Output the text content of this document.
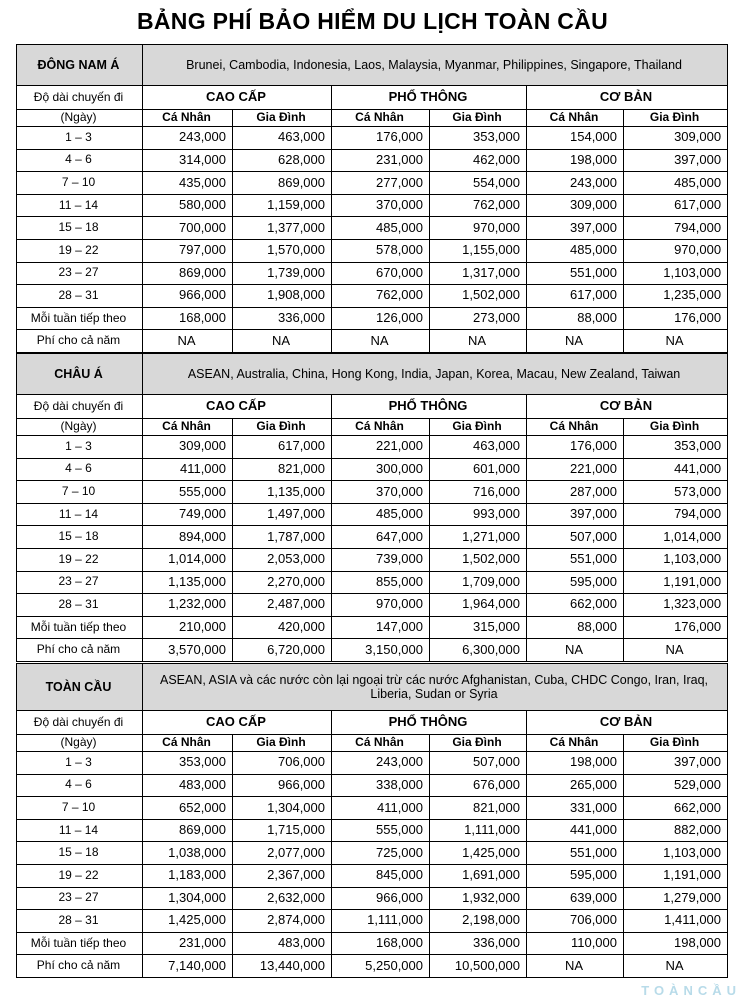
BẢNG PHÍ BẢO HIỂM DU LỊCH TOÀN CẦU
ĐÔNG NAM Á	Brunei, Cambodia, Indonesia, Laos, Malaysia, Myanmar, Philippines, Singapore, Thailand					
Độ dài chuyến đi	CAO CẤP		PHỔ THÔNG		CƠ BẢN	
(Ngày)	Cá Nhân	Gia Đình	Cá Nhân	Gia Đình	Cá Nhân	Gia Đình
1 – 3	243,000	463,000	176,000	353,000	154,000	309,000
4 – 6	314,000	628,000	231,000	462,000	198,000	397,000
7 – 10	435,000	869,000	277,000	554,000	243,000	485,000
11 – 14	580,000	1,159,000	370,000	762,000	309,000	617,000
15 – 18	700,000	1,377,000	485,000	970,000	397,000	794,000
19 – 22	797,000	1,570,000	578,000	1,155,000	485,000	970,000
23 – 27	869,000	1,739,000	670,000	1,317,000	551,000	1,103,000
28 – 31	966,000	1,908,000	762,000	1,502,000	617,000	1,235,000
Mỗi tuần tiếp theo	168,000	336,000	126,000	273,000	88,000	176,000
Phí cho cả năm	NA	NA	NA	NA	NA	NA
CHÂU Á	ASEAN, Australia, China, Hong Kong, India, Japan, Korea, Macau, New Zealand, Taiwan					
Độ dài chuyến đi	CAO CẤP		PHỔ THÔNG		CƠ BẢN	
(Ngày)	Cá Nhân	Gia Đình	Cá Nhân	Gia Đình	Cá Nhân	Gia Đình
1 – 3	309,000	617,000	221,000	463,000	176,000	353,000
4 – 6	411,000	821,000	300,000	601,000	221,000	441,000
7 – 10	555,000	1,135,000	370,000	716,000	287,000	573,000
11 – 14	749,000	1,497,000	485,000	993,000	397,000	794,000
15 – 18	894,000	1,787,000	647,000	1,271,000	507,000	1,014,000
19 – 22	1,014,000	2,053,000	739,000	1,502,000	551,000	1,103,000
23 – 27	1,135,000	2,270,000	855,000	1,709,000	595,000	1,191,000
28 – 31	1,232,000	2,487,000	970,000	1,964,000	662,000	1,323,000
Mỗi tuần tiếp theo	210,000	420,000	147,000	315,000	88,000	176,000
Phí cho cả năm	3,570,000	6,720,000	3,150,000	6,300,000	NA	NA
TOÀN CẦU	ASEAN, ASIA và các nước còn lại ngoại trừ các nước Afghanistan, Cuba, CHDC Congo, Iran, Iraq, Liberia, Sudan or Syria					
Độ dài chuyến đi	CAO CẤP		PHỔ THÔNG		CƠ BẢN	
(Ngày)	Cá Nhân	Gia Đình	Cá Nhân	Gia Đình	Cá Nhân	Gia Đình
1 – 3	353,000	706,000	243,000	507,000	198,000	397,000
4 – 6	483,000	966,000	338,000	676,000	265,000	529,000
7 – 10	652,000	1,304,000	411,000	821,000	331,000	662,000
11 – 14	869,000	1,715,000	555,000	1,111,000	441,000	882,000
15 – 18	1,038,000	2,077,000	725,000	1,425,000	551,000	1,103,000
19 – 22	1,183,000	2,367,000	845,000	1,691,000	595,000	1,191,000
23 – 27	1,304,000	2,632,000	966,000	1,932,000	639,000	1,279,000
28 – 31	1,425,000	2,874,000	1,111,000	2,198,000	706,000	1,411,000
Mỗi tuần tiếp theo	231,000	483,000	168,000	336,000	110,000	198,000
Phí cho cả năm	7,140,000	13,440,000	5,250,000	10,500,000	NA	NA
TOÀNCẦU
